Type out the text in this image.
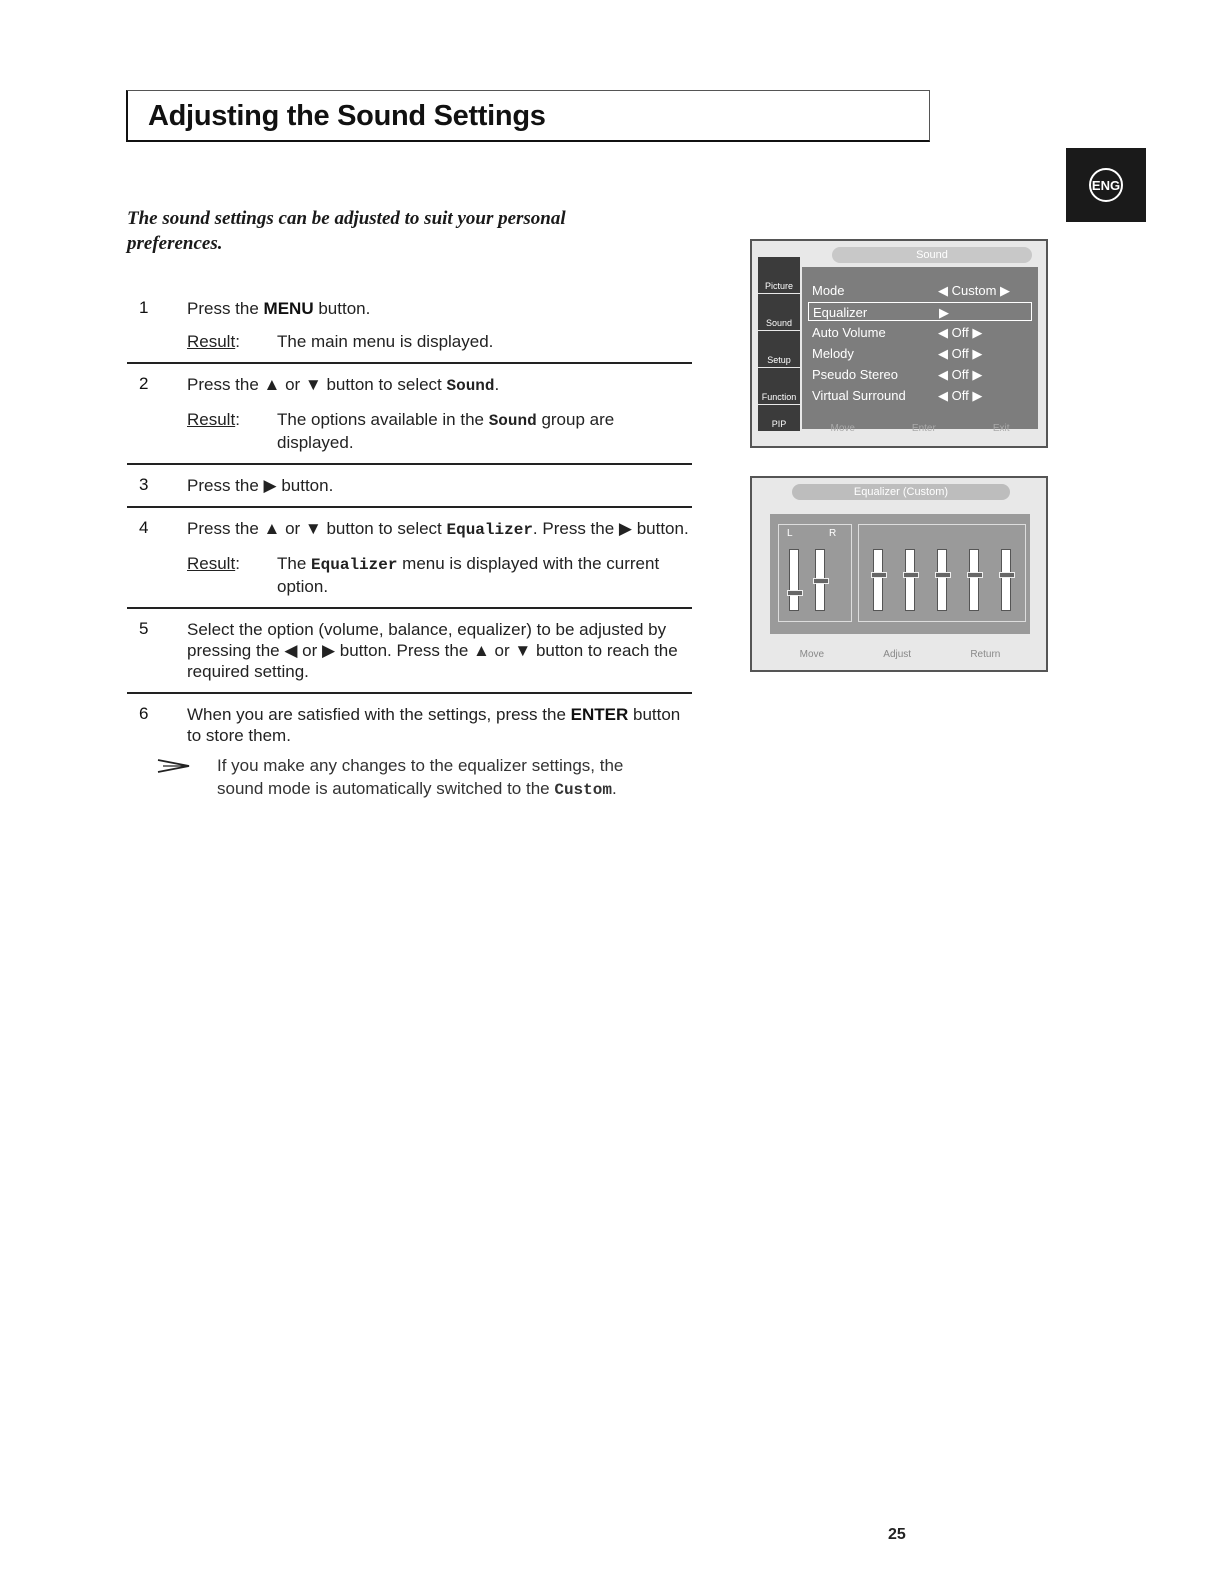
Adjusting the Sound Settings
ENG
The sound settings can be adjusted to suit your personal preferences.
1 Press the MENU button.
Result: The main menu is displayed.
2 Press the ▲ or ▼ button to select Sound.
Result: The options available in the Sound group are displayed.
3 Press the ▶ button.
4 Press the ▲ or ▼ button to select Equalizer. Press the ▶ button.
Result: The Equalizer menu is displayed with the current option.
5 Select the option (volume, balance, equalizer) to be adjusted by pressing the ◀ or ▶ button. Press the ▲ or ▼ button to reach the required setting.
6 When you are satisfied with the settings, press the ENTER button to store them.
If you make any changes to the equalizer settings, the sound mode is automatically switched to the Custom.
Sound
Picture
Sound
Setup
Function
PIP
Mode	◀ Custom ▶
Equalizer	▶
Auto Volume	◀ Off ▶
Melody	◀ Off ▶
Pseudo Stereo	◀ Off ▶
Virtual Surround ◀ Off ▶
Move	Enter	Exit
Equalizer (Custom)
L	R
Move	Adjust	Return
25
